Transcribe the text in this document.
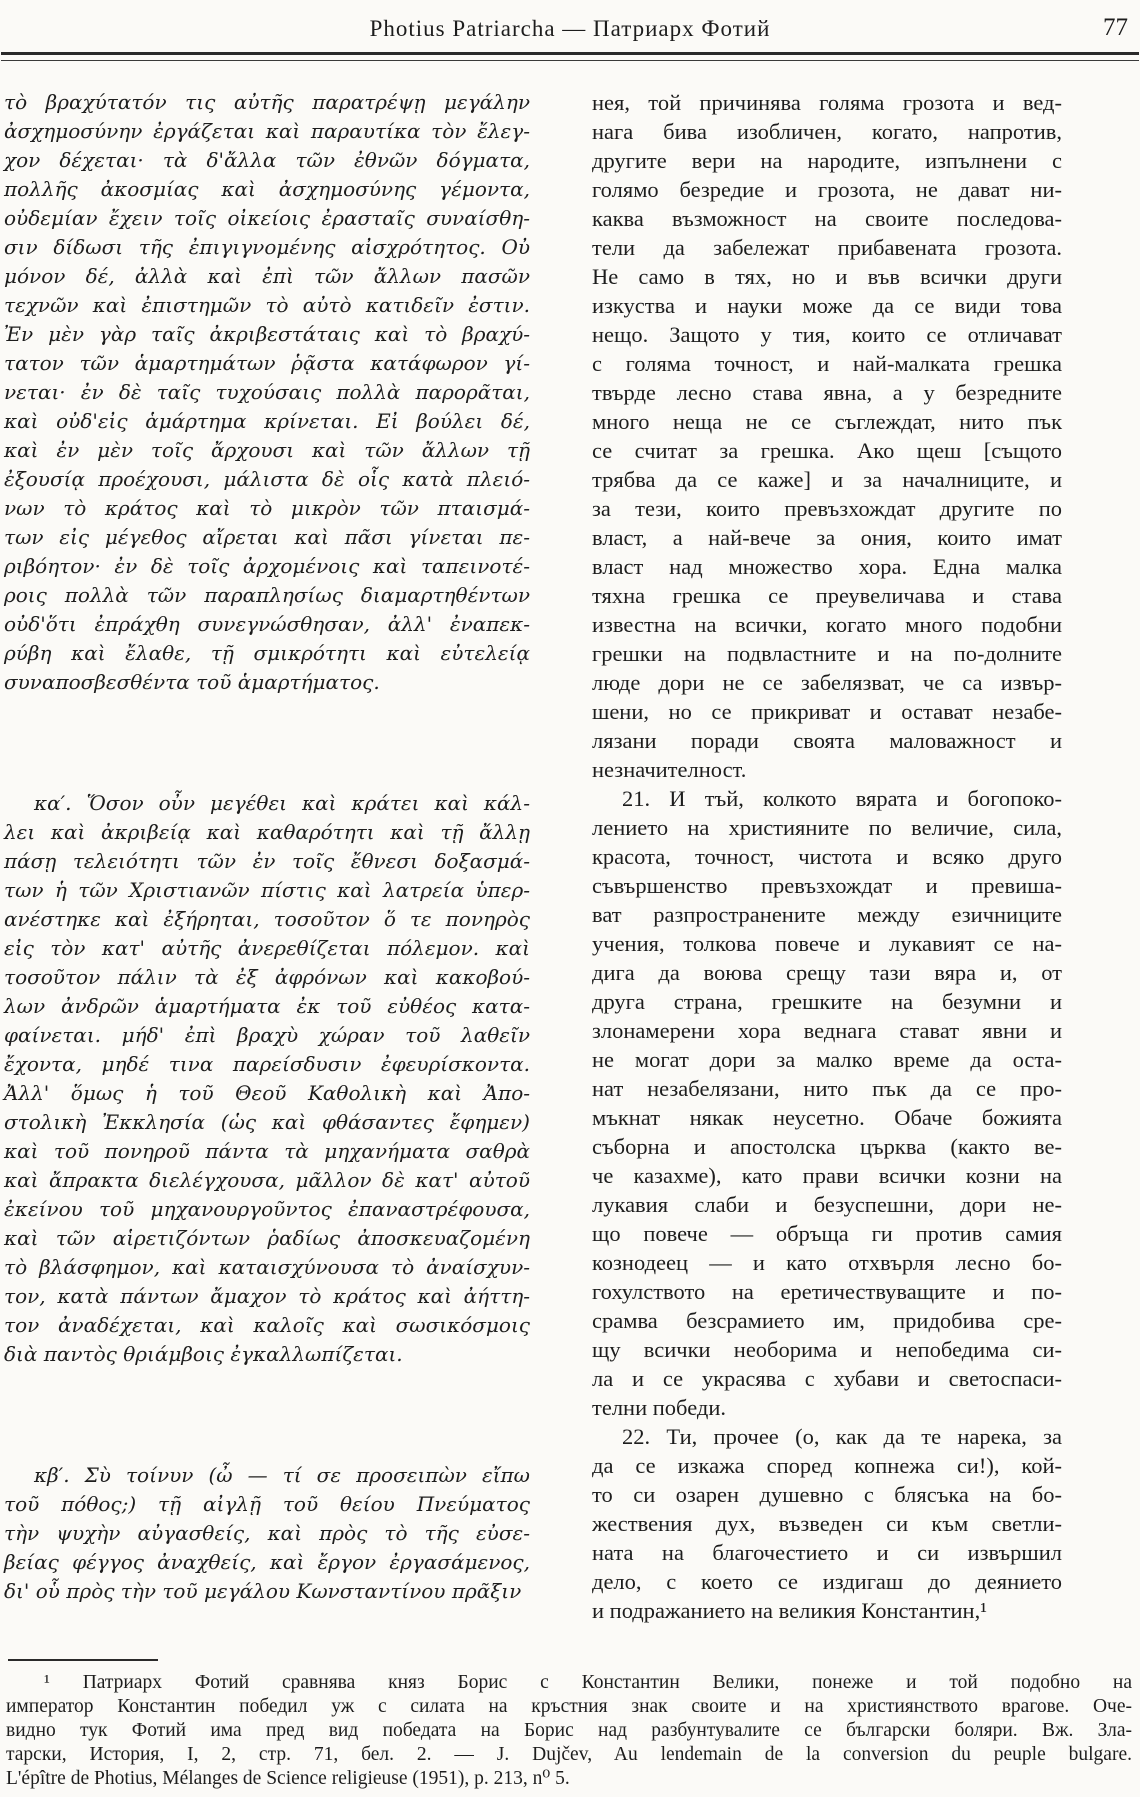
Photius Patriarcha — Патриарх Фотий	77
τὸ βραχύτατόν τις αὐτῆς παρατρέψῃ μεγάλην
ἀσχημοσύνην ἐργάζεται καὶ παραυτίκα τὸν ἔλεγ-
χον δέχεται· τὰ δ'ἄλλα τῶν ἐθνῶν δόγματα,
πολλῆς ἀκοσμίας καὶ ἀσχημοσύνης γέμοντα,
οὐδεμίαν ἔχειν τοῖς οἰκείοις ἐρασταῖς συναίσθη-
σιν δίδωσι τῆς ἐπιγιγνομένης αἰσχρότητος. Οὐ
μόνον δέ, ἀλλὰ καὶ ἐπὶ τῶν ἄλλων πασῶν
τεχνῶν καὶ ἐπιστημῶν τὸ αὐτὸ κατιδεῖν ἐστιν.
Ἐν μὲν γὰρ ταῖς ἀκριβεστάταις καὶ τὸ βραχύ-
τατον τῶν ἁμαρτημάτων ῥᾷστα κατάφωρον γί-
νεται· ἐν δὲ ταῖς τυχούσαις πολλὰ παρορᾶται,
καὶ οὐδ'εἰς ἁμάρτημα κρίνεται. Εἰ βούλει δέ,
καὶ ἐν μὲν τοῖς ἄρχουσι καὶ τῶν ἄλλων τῇ
ἐξουσίᾳ προέχουσι, μάλιστα δὲ οἷς κατὰ πλειό-
νων τὸ κράτος καὶ τὸ μικρὸν τῶν πταισμά-
των εἰς μέγεθος αἴρεται καὶ πᾶσι γίνεται πε-
ριβόητον· ἐν δὲ τοῖς ἀρχομένοις καὶ ταπεινοτέ-
ροις πολλὰ τῶν παραπλησίως διαμαρτηθέντων
οὐδ'ὅτι ἐπράχθη συνεγνώσθησαν, ἀλλ' ἐναπεκ-
ρύβη καὶ ἔλαθε, τῇ σμικρότητι καὶ εὐτελείᾳ
συναποσβεσθέντα τοῦ ἁμαρτήματος.
κα′. Ὅσον οὖν μεγέθει καὶ κράτει καὶ κάλ-
λει καὶ ἀκριβείᾳ καὶ καθαρότητι καὶ τῇ ἄλλῃ
πάσῃ τελειότητι τῶν ἐν τοῖς ἔθνεσι δοξασμά-
των ἡ τῶν Χριστιανῶν πίστις καὶ λατρεία ὑπερ-
ανέστηκε καὶ ἐξήρηται, τοσοῦτον ὅ τε πονηρὸς
εἰς τὸν κατ' αὐτῆς ἀνερεθίζεται πόλεμον. καὶ
τοσοῦτον πάλιν τὰ ἐξ ἀφρόνων καὶ κακοβού-
λων ἀνδρῶν ἁμαρτήματα ἐκ τοῦ εὐθέος κατα-
φαίνεται. μήδ' ἐπὶ βραχὺ χώραν τοῦ λαθεῖν
ἔχοντα, μηδέ τινα παρείσδυσιν ἐφευρίσκοντα.
Ἀλλ' ὅμως ἡ τοῦ Θεοῦ Καθολικὴ καὶ Ἀπο-
στολικὴ Ἐκκλησία (ὡς καὶ φθάσαντες ἔφημεν)
καὶ τοῦ πονηροῦ πάντα τὰ μηχανήματα σαθρὰ
καὶ ἄπρακτα διελέγχουσα, μᾶλλον δὲ κατ' αὐτοῦ
ἐκείνου τοῦ μηχανουργοῦντος ἐπαναστρέφουσα,
καὶ τῶν αἱρετιζόντων ῥαδίως ἀποσκευαζομένη
τὸ βλάσφημον, καὶ καταισχύνουσα τὸ ἀναίσχυν-
τον, κατὰ πάντων ἄμαχον τὸ κράτος καὶ ἀήττη-
τον ἀναδέχεται, καὶ καλοῖς καὶ σωσικόσμοις
διὰ παντὸς θριάμβοις ἐγκαλλωπίζεται.
κβ′. Σὺ τοίνυν (ὦ — τί σε προσειπὼν εἴπω
τοῦ πόθος;) τῇ αἰγλῇ τοῦ θείου Πνεύματος
τὴν ψυχὴν αὐγασθείς, καὶ πρὸς τὸ τῆς εὐσε-
βείας φέγγος ἀναχθείς, καὶ ἔργον ἐργασάμενος,
δι' οὗ πρὸς τὴν τοῦ μεγάλου Κωνσταντίνου πρᾶξιν
нея, той причинява голяма грозота и вед-
нага бива изобличен, когато, напротив,
другите вери на народите, изпълнени с
голямо безредие и грозота, не дават ни-
каква възможност на своите последова-
тели да забележат прибавената грозота.
Не само в тях, но и във всички други
изкуства и науки може да се види това
нещо. Защото у тия, които се отличават
с голяма точност, и най-малката грешка
твърде лесно става явна, а у безредните
много неща не се съглеждат, нито пък
се считат за грешка. Ако щеш [същото
трябва да се каже] и за началниците, и
за тези, които превъзхождат другите по
власт, а най-вече за ония, които имат
власт над множество хора. Една малка
тяхна грешка се преувеличава и става
известна на всички, когато много подобни
грешки на подвластните и на по-долните
люде дори не се забелязват, че са извър-
шени, но се прикриват и остават незабе-
лязани поради своята маловажност и
незначителност.
21. И тъй, колкото вярата и богопоко-
лението на християните по величие, сила,
красота, точност, чистота и всяко друго
съвършенство превъзхождат и превиша-
ват разпространените между езичниците
учения, толкова повече и лукавият се на-
дига да воюва срещу тази вяра и, от
друга страна, грешките на безумни и
злонамерени хора веднага стават явни и
не могат дори за малко време да оста-
нат незабелязани, нито пък да се про-
мъкнат някак неусетно. Обаче божията
съборна и апостолска църква (както ве-
че казахме), като прави всички козни на
лукавия слаби и безуспешни, дори не-
що повече — обръща ги против самия
кознодеец — и като отхвърля лесно бо-
гохулството на еретичествуващите и по-
срамва безсрамието им, придобива сре-
щу всички необорима и непобедима си-
ла и се украсява с хубави и светоспаси-
телни победи.
22. Ти, прочее (о, как да те нарека, за
да се изкажа според копнежа си!), кой-
то си озарен душевно с блясъка на бо-
жествения дух, възведен си към светли-
ната на благочестието и си извършил
дело, с което се издигаш до деянието
и подражанието на великия Константин,¹
¹ Патриарх Фотий сравнява княз Борис с Константин Велики, понеже и той подобно на
император Константин победил уж с силата на кръстния знак своите и на християнството врагове. Оче-
видно тук Фотий има пред вид победата на Борис над разбунтувалите се български боляри. Вж. Зла-
тарски, История, I, 2, стр. 71, бел. 2. — J. Dujčev, Au lendemain de la conversion du peuple bulgare.
L'épître de Photius, Mélanges de Science religieuse (1951), p. 213, n⁰ 5.
